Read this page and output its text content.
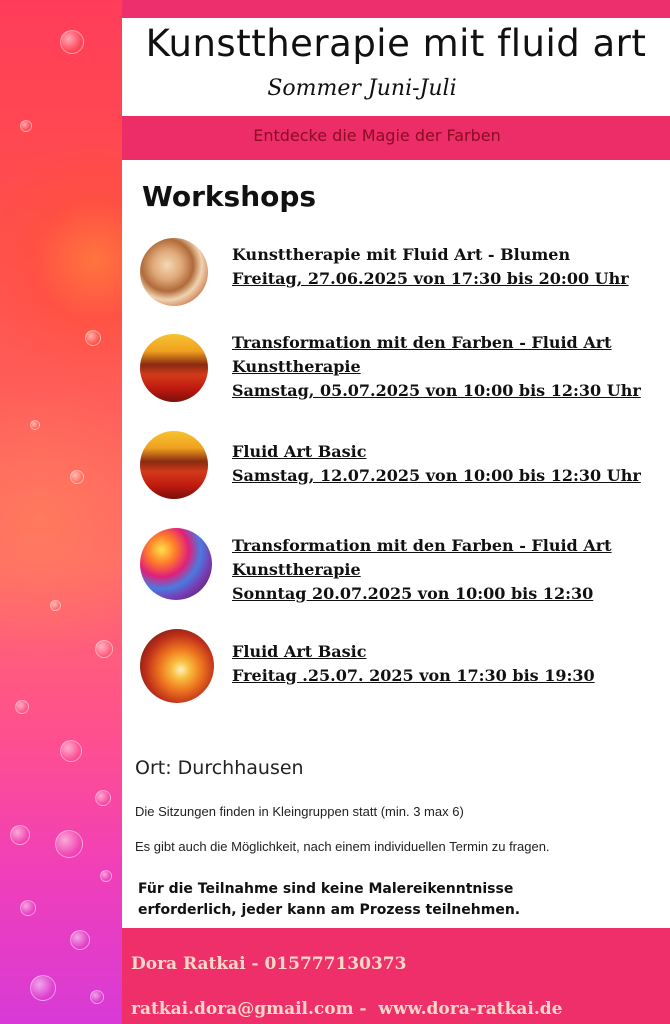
Kunsttherapie mit fluid art
Sommer Juni-Juli
Entdecke die Magie der Farben
Workshops
Kunsttherapie mit Fluid Art - Blumen
Freitag, 27.06.2025 von 17:30 bis 20:00 Uhr
Transformation mit den Farben - Fluid Art
Kunsttherapie
Samstag, 05.07.2025 von 10:00 bis 12:30 Uhr
Fluid Art Basic
Samstag, 12.07.2025 von 10:00 bis 12:30 Uhr
Transformation mit den Farben - Fluid Art
Kunsttherapie
Sonntag 20.07.2025 von 10:00 bis 12:30
Fluid Art Basic
Freitag .25.07. 2025 von 17:30 bis 19:30
Ort: Durchhausen
Die Sitzungen finden in Kleingruppen statt (min. 3 max 6)
Es gibt auch die Möglichkeit, nach einem individuellen Termin zu fragen.
Für die Teilnahme sind keine Malereikenntnisse erforderlich, jeder kann am Prozess teilnehmen.
Dora Ratkai - 015777130373
ratkai.dora@gmail.com -  www.dora-ratkai.de
